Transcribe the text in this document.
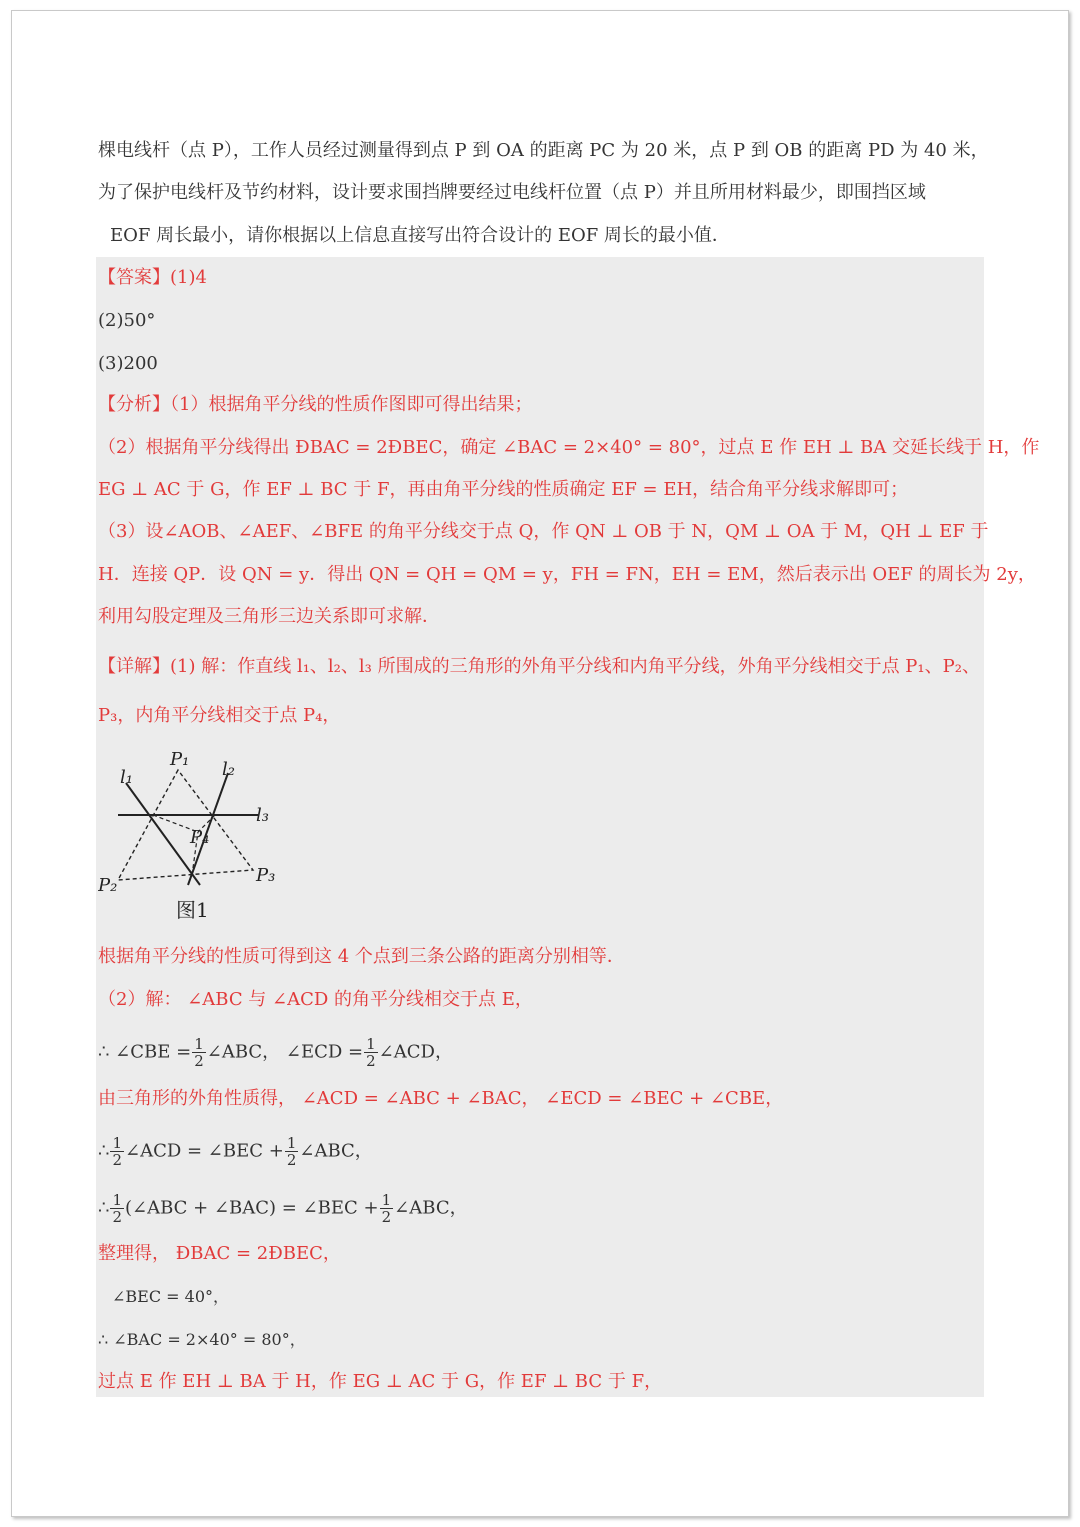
棵电线杆（点 P），工作人员经过测量得到点 P 到 OA 的距离 PC 为 20 米，点 P 到 OB 的距离 PD 为 40 米，
为了保护电线杆及节约材料，设计要求围挡牌要经过电线杆位置（点 P）并且所用材料最少，即围挡区域
EOF 周长最小，请你根据以上信息直接写出符合设计的 EOF 周长的最小值．
【答案】(1)4
(2)50°
(3)200
【分析】（1）根据角平分线的性质作图即可得出结果；
（2）根据角平分线得出 ÐBAC = 2ÐBEC，确定 ∠BAC = 2×40° = 80°，过点 E 作 EH ⊥ BA 交延长线于 H，作
EG ⊥ AC 于 G，作 EF ⊥ BC 于 F，再由角平分线的性质确定 EF = EH，结合角平分线求解即可；
（3）设∠AOB、∠AEF、∠BFE 的角平分线交于点 Q，作 QN ⊥ OB 于 N，QM ⊥ OA 于 M，QH ⊥ EF 于
H．连接 QP．设 QN = y．得出 QN = QH = QM = y，FH = FN，EH = EM，然后表示出 OEF 的周长为 2y，
利用勾股定理及三角形三边关系即可求解．
【详解】(1) 解：作直线 l₁、l₂、l₃ 所围成的三角形的外角平分线和内角平分线，外角平分线相交于点 P₁、P₂、
P₃，内角平分线相交于点 P₄，
l₁	l₂
l₃
P₁
P₂	P₃
P₄
图1
根据角平分线的性质可得到这 4 个点到三条公路的距离分别相等．
（2）解： ∠ABC 与 ∠ACD 的角平分线相交于点 E，
∴ ∠CBE = $\frac{1}{2}$ ∠ABC， ∠ECD = $\frac{1}{2}$ ∠ACD，
由三角形的外角性质得， ∠ACD = ∠ABC + ∠BAC， ∠ECD = ∠BEC + ∠CBE，
∴ $\frac{1}{2}$ ∠ACD = ∠BEC + $\frac{1}{2}$ ∠ABC，
∴ $\frac{1}{2}$ (∠ABC + ∠BAC) = ∠BEC + $\frac{1}{2}$ ∠ABC，
整理得， ÐBAC = 2ÐBEC，
∠BEC = 40°，
∴ ∠BAC = 2×40° = 80°，
过点 E 作 EH ⊥ BA 于 H，作 EG ⊥ AC 于 G，作 EF ⊥ BC 于 F，
